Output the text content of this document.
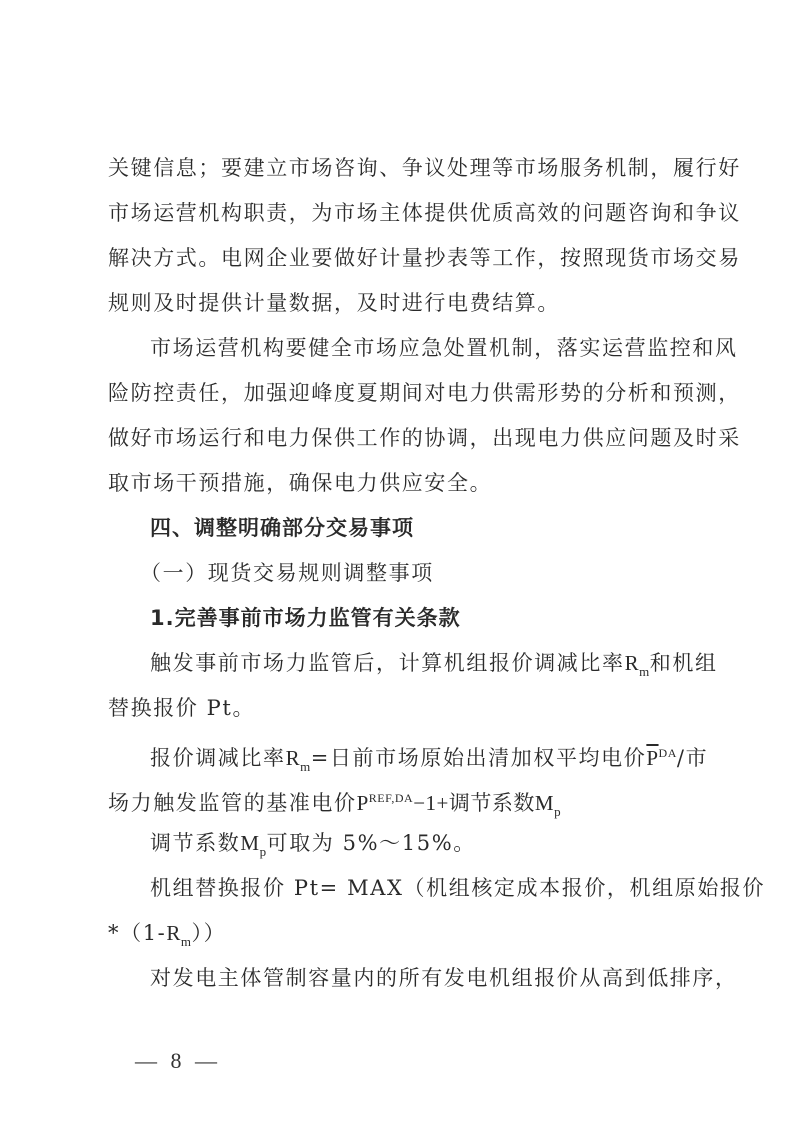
关键信息；要建立市场咨询、争议处理等市场服务机制，履行好
市场运营机构职责，为市场主体提供优质高效的问题咨询和争议
解决方式。电网企业要做好计量抄表等工作，按照现货市场交易
规则及时提供计量数据，及时进行电费结算。
市场运营机构要健全市场应急处置机制，落实运营监控和风
险防控责任，加强迎峰度夏期间对电力供需形势的分析和预测，
做好市场运行和电力保供工作的协调，出现电力供应问题及时采
取市场干预措施，确保电力供应安全。
四、调整明确部分交易事项
（一）现货交易规则调整事项
1.完善事前市场力监管有关条款
触发事前市场力监管后，计算机组报价调减比率$R_m$和机组
替换报价 Pt。
报价调减比率$R_m=$日前市场原始出清加权平均电价$\overline{P}^{DA}/$市
场力触发监管的基准电价$P^{REF,DA}-1+$调节系数$M_p$
调节系数$M_p$可取为 5%～15%。
机组替换报价 Pt= MAX（机组核定成本报价，机组原始报价
$*(1-R_m)$）
对发电主体管制容量内的所有发电机组报价从高到低排序，
— 8 —
